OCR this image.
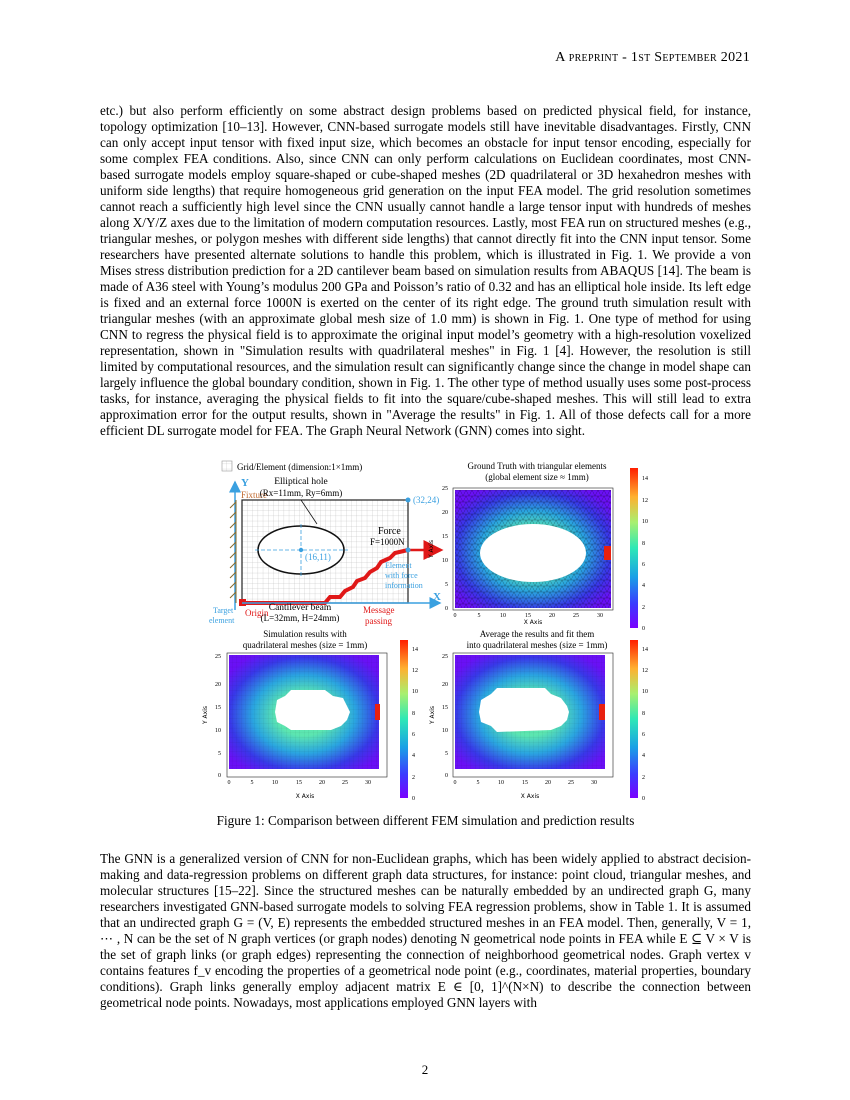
A preprint - 1st September 2021

etc.) but also perform efficiently on some abstract design problems based on predicted physical field, for instance, topology optimization [10–13]. However, CNN-based surrogate models still have inevitable disadvantages. Firstly, CNN can only accept input tensor with fixed input size, which becomes an obstacle for input tensor encoding, especially for some complex FEA conditions. Also, since CNN can only perform calculations on Euclidean coordinates, most CNN-based surrogate models employ square-shaped or cube-shaped meshes (2D quadrilateral or 3D hexahedron meshes with uniform side lengths) that require homogeneous grid generation on the input FEA model. The grid resolution sometimes cannot reach a sufficiently high level since the CNN usually cannot handle a large tensor input with hundreds of meshes along X/Y/Z axes due to the limitation of modern computation resources. Lastly, most FEA run on structured meshes (e.g., triangular meshes, or polygon meshes with different side lengths) that cannot directly fit into the CNN input tensor. Some researchers have presented alternate solutions to handle this problem, which is illustrated in Fig. 1. We provide a von Mises stress distribution prediction for a 2D cantilever beam based on simulation results from ABAQUS [14]. The beam is made of A36 steel with Young’s modulus 200 GPa and Poisson’s ratio of 0.32 and has an elliptical hole inside. Its left edge is fixed and an external force 1000N is exerted on the center of its right edge. The ground truth simulation result with triangular meshes (with an approximate global mesh size of 1.0 mm) is shown in Fig. 1. One type of method for using CNN to regress the physical field is to approximate the original input model’s geometry with a high-resolution voxelized representation, shown in "Simulation results with quadrilateral meshes" in Fig. 1 [4]. However, the resolution is still limited by computational resources, and the simulation result can significantly change since the change in model shape can largely influence the global boundary condition, shown in Fig. 1. The other type of method usually uses some post-process tasks, for instance, averaging the physical fields to fit into the square/cube-shaped meshes. This will still lead to extra approximation error for the output results, shown in "Average the results" in Fig. 1. All of those defects call for a more efficient DL surrogate model for FEA. The Graph Neural Network (GNN) comes into sight.

Grid/Element (dimension:1×1mm)
Y
Fixture
(16,11)
Elliptical hole
(Rx=11mm, Ry=6mm)
(32,24)
Target
element
Origin
X
Force
F=1000N
Element
with force
information
Cantilever beam
(L=32mm, H=24mm)
Message
passing
Ground Truth with triangular elements
(global element size ≈ 1mm)
0	5	10	15	20	25	30
0
5
10
15
20
25
X Axis
Y Axis
0
2
4
6
8
10
12
14
Simulation results with
quadrilateral meshes (size = 1mm)
0	5	10	15	20	25	30
0
5
10
15
20
25
X Axis
Y Axis
0
2
4
6
8
10
12
14
Average the results and fit them
into quadrilateral meshes (size = 1mm)
0	5	10	15	20	25	30
0
5
10
15
20
25
X Axis
Y Axis
0
2
4
6
8
10
12
14
Figure 1: Comparison between different FEM simulation and prediction results

The GNN is a generalized version of CNN for non-Euclidean graphs, which has been widely applied to abstract decision-making and data-regression problems on different graph data structures, for instance: point cloud, triangular meshes, and molecular structures [15–22]. Since the structured meshes can be naturally embedded by an undirected graph G, many researchers investigated GNN-based surrogate models to solving FEA regression problems, show in Table 1. It is assumed that an undirected graph G = (V, E) represents the embedded structured meshes in an FEA model. Then, generally, V = 1, ⋯ , N can be the set of N graph vertices (or graph nodes) denoting N geometrical node points in FEA while E ⊆ V × V is the set of graph links (or graph edges) representing the connection of neighborhood geometrical nodes. Graph vertex v contains features f_v encoding the properties of a geometrical node point (e.g., coordinates, material properties, boundary conditions). Graph links generally employ adjacent matrix E ∈ [0, 1]^(N×N) to describe the connection between geometrical node points. Nowadays, most applications employed GNN layers with

2
